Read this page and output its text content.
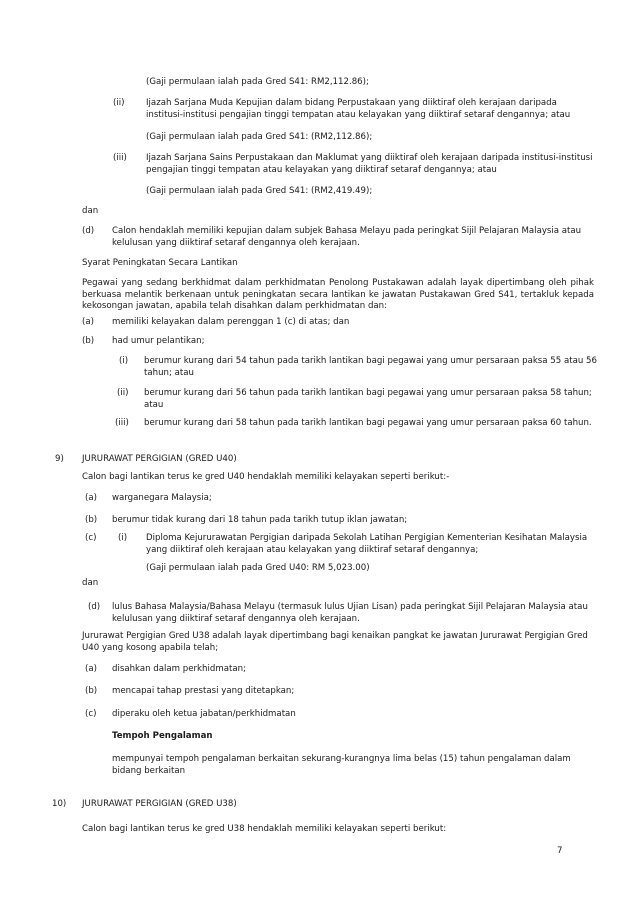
(Gaji permulaan ialah pada Gred S41: RM2,112.86);
(ii)	Ijazah Sarjana Muda Kepujian dalam bidang Perpustakaan yang diiktiraf oleh kerajaan daripada
institusi-institusi pengajian tinggi tempatan atau kelayakan yang diiktiraf setaraf dengannya; atau
(Gaji permulaan ialah pada Gred S41: (RM2,112.86);
(iii) Ijazah Sarjana Sains Perpustakaan dan Maklumat yang diiktiraf oleh kerajaan daripada institusi-institusi
pengajian tinggi tempatan atau kelayakan yang diiktiraf setaraf dengannya; atau
(Gaji permulaan ialah pada Gred S41: (RM2,419.49);
dan
(d) Calon hendaklah memiliki kepujian dalam subjek Bahasa Melayu pada peringkat Sijil Pelajaran Malaysia atau
kelulusan yang diiktiraf setaraf dengannya oleh kerajaan.
Syarat Peningkatan Secara Lantikan
Pegawai yang sedang berkhidmat dalam perkhidmatan Penolong Pustakawan adalah layak dipertimbang oleh pihak berkuasa melantik berkenaan untuk peningkatan secara lantikan ke jawatan Pustakawan Gred S41, tertakluk kepada kekosongan jawatan, apabila telah disahkan dalam perkhidmatan dan:
(a) memiliki kelayakan dalam perenggan 1 (c) di atas; dan
(b) had umur pelantikan;
(i) berumur kurang dari 54 tahun pada tarikh lantikan bagi pegawai yang umur persaraan paksa 55 atau 56
tahun; atau
(ii) berumur kurang dari 56 tahun pada tarikh lantikan bagi pegawai yang umur persaraan paksa 58 tahun;
atau
(iii) berumur kurang dari 58 tahun pada tarikh lantikan bagi pegawai yang umur persaraan paksa 60 tahun.
9) JURURAWAT PERGIGIAN (GRED U40)
Calon bagi lantikan terus ke gred U40 hendaklah memiliki kelayakan seperti berikut:-
(a) warganegara Malaysia;
(b) berumur tidak kurang dari 18 tahun pada tarikh tutup iklan jawatan;
(c)	(i) Diploma Kejururawatan Pergigian daripada Sekolah Latihan Pergigian Kementerian Kesihatan Malaysia
yang diiktiraf oleh kerajaan atau kelayakan yang diiktiraf setaraf dengannya;
(Gaji permulaan ialah pada Gred U40: RM 5,023.00)
dan
(d) lulus Bahasa Malaysia/Bahasa Melayu (termasuk lulus Ujian Lisan) pada peringkat Sijil Pelajaran Malaysia atau
kelulusan yang diiktiraf setaraf dengannya oleh kerajaan.
Jururawat Pergigian Gred U38 adalah layak dipertimbang bagi kenaikan pangkat ke jawatan Jururawat Pergigian Gred
U40 yang kosong apabila telah;
(a) disahkan dalam perkhidmatan;
(b) mencapai tahap prestasi yang ditetapkan;
(c) diperaku oleh ketua jabatan/perkhidmatan
Tempoh Pengalaman
mempunyai tempoh pengalaman berkaitan sekurang-kurangnya lima belas (15) tahun pengalaman dalam
bidang berkaitan
10) JURURAWAT PERGIGIAN (GRED U38)
Calon bagi lantikan terus ke gred U38 hendaklah memiliki kelayakan seperti berikut:
7
